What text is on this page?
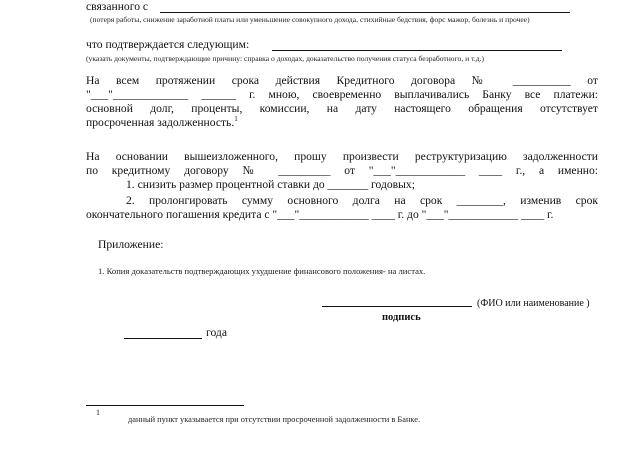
связанного с
(потеря работы, снижение заработной платы или уменьшение совокупного дохода, стихийные бедствия, форс мажор, болезнь и прочее)
что подтверждается следующим:
(указать документы, подтверждающие причину: справка о доходах, доказательство получения статуса безработного, и т.д.)
На всем протяжении срока действия Кредитного договора № __________ от
"___"_____________ ______ г. мною, своевременно выплачивались Банку все платежи:
основной долг, проценты, комиссии, на дату настоящего обращения отсутствует
просроченная задолженность.$^1$
На основании вышеизложенного, прошу произвести реструктуризацию задолженности
по кредитному договору № _________ от "___"____________ ____ г., а именно:
1. снизить размер процентной ставки до _______ годовых;
2. пролонгировать сумму основного долга на срок ________, изменив срок
окончательного погашения кредита с "___"____________ ____ г. до "___"____________ ____ г.
Приложение:
1. Копия доказательств подтверждающих ухудшение финансового положения- на листах.
(ФИО или наименование )
подпись
года
1
данный пункт указывается при отсутствии просроченной задолженности в Банке.
